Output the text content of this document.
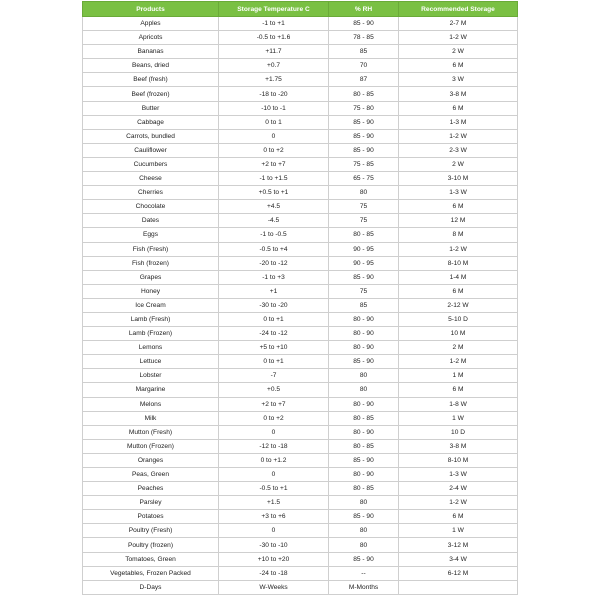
Products	Storage Temperature C	% RH	Recommended Storage
Apples	-1 to +1	85 - 90	2-7 M
Apricots	-0.5 to +1.6	78 - 85	1-2 W
Bananas	+11.7	85	2 W
Beans, dried	+0.7	70	6 M
Beef (fresh)	+1.75	87	3 W
Beef (frozen)	-18 to -20	80 - 85	3-8 M
Butter	-10 to -1	75 - 80	6 M
Cabbage	0 to 1	85 - 90	1-3 M
Carrots, bundled	0	85 - 90	1-2 W
Cauliflower	0 to +2	85 - 90	2-3 W
Cucumbers	+2 to +7	75 - 85	2 W
Cheese	-1 to +1.5	65 - 75	3-10 M
Cherries	+0.5 to +1	80	1-3 W
Chocolate	+4.5	75	6 M
Dates	-4.5	75	12 M
Eggs	-1 to -0.5	80 - 85	8 M
Fish (Fresh)	-0.5 to +4	90 - 95	1-2 W
Fish (frozen)	-20 to -12	90 - 95	8-10 M
Grapes	-1 to +3	85 - 90	1-4 M
Honey	+1	75	6 M
Ice Cream	-30 to -20	85	2-12 W
Lamb (Fresh)	0 to +1	80 - 90	5-10 D
Lamb (Frozen)	-24 to -12	80 - 90	10 M
Lemons	+5 to +10	80 - 90	2 M
Lettuce	0 to +1	85 - 90	1-2 M
Lobster	-7	80	1 M
Margarine	+0.5	80	6 M
Melons	+2 to +7	80 - 90	1-8 W
Milk	0 to +2	80 - 85	1 W
Mutton (Fresh)	0	80 - 90	10 D
Mutton (Frozen)	-12 to -18	80 - 85	3-8 M
Oranges	0 to +1.2	85 - 90	8-10 M
Peas, Green	0	80 - 90	1-3 W
Peaches	-0.5 to +1	80 - 85	2-4 W
Parsley	+1.5	80	1-2 W
Potatoes	+3 to +6	85 - 90	6 M
Poultry (Fresh)	0	80	1 W
Poultry (frozen)	-30 to -10	80	3-12 M
Tomatoes, Green	+10 to +20	85 - 90	3-4 W
Vegetables, Frozen Packed	-24 to -18	--	6-12 M
D-Days	W-Weeks	M-Months	
